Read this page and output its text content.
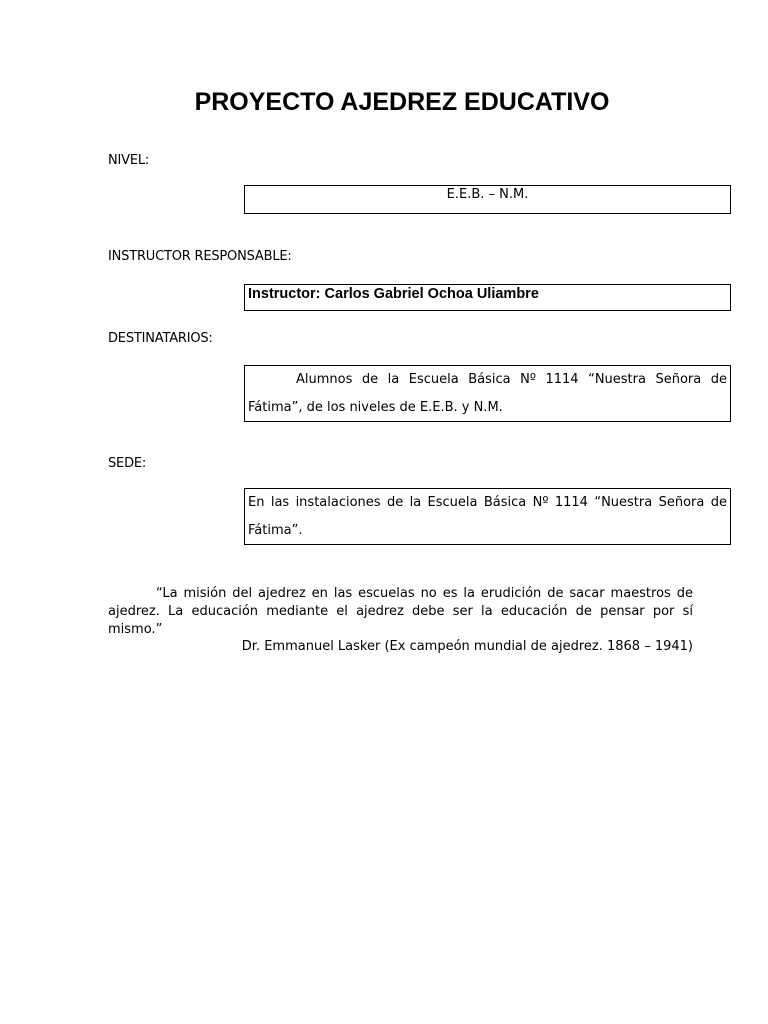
PROYECTO AJEDREZ EDUCATIVO
NIVEL:
E.E.B. – N.M.
INSTRUCTOR RESPONSABLE:
Instructor: Carlos Gabriel Ochoa Uliambre
DESTINATARIOS:
Alumnos de la Escuela Básica Nº 1114 “Nuestra Señora de
Fátima”, de los niveles de E.E.B. y N.M.
SEDE:
En las instalaciones de la Escuela Básica Nº 1114 “Nuestra Señora de
Fátima”.
“La misión del ajedrez en las escuelas no es la erudición de sacar maestros de ajedrez. La educación mediante el ajedrez debe ser la educación de pensar por sí mismo.”
Dr. Emmanuel Lasker (Ex campeón mundial de ajedrez. 1868 – 1941)
